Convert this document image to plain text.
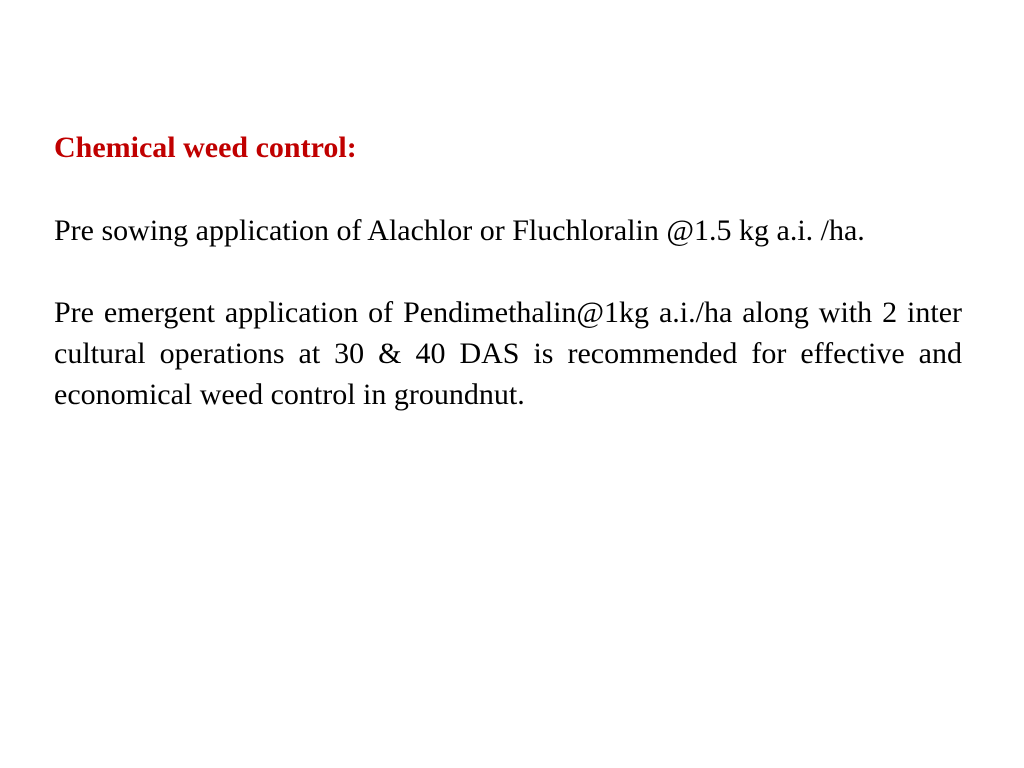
Chemical weed control:

Pre sowing application of Alachlor or Fluchloralin @1.5 kg a.i. /ha.

Pre emergent application of Pendimethalin@1kg a.i./ha along with 2 inter cultural operations at 30 & 40 DAS is recommended for effective and economical weed control in groundnut.
